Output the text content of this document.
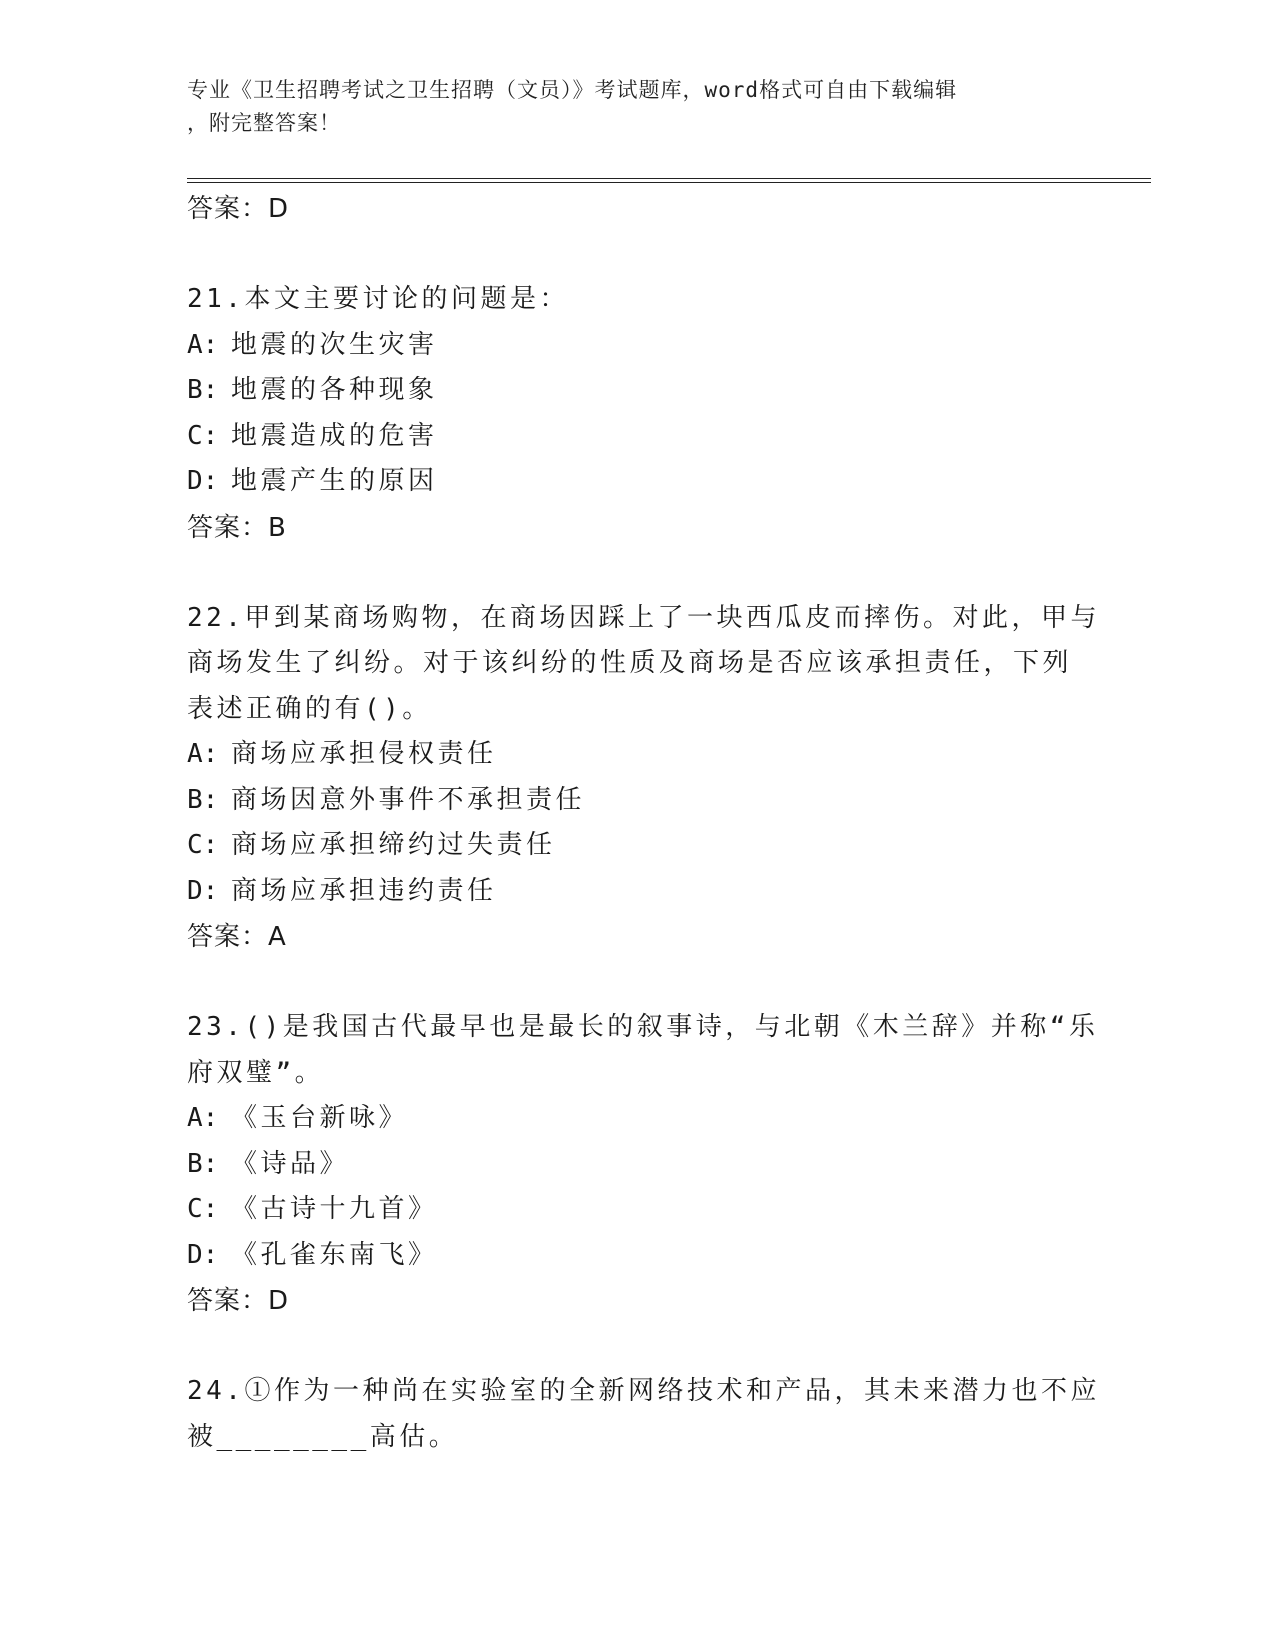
专业《卫生招聘考试之卫生招聘（文员）》考试题库，word格式可自由下载编辑
，附完整答案！
答案：D
21.本文主要讨论的问题是：
A: 地震的次生灾害
B: 地震的各种现象
C: 地震造成的危害
D: 地震产生的原因
答案：B
22.甲到某商场购物，在商场因踩上了一块西瓜皮而摔伤。对此，甲与
商场发生了纠纷。对于该纠纷的性质及商场是否应该承担责任，下列
表述正确的有()。
A: 商场应承担侵权责任
B: 商场因意外事件不承担责任
C: 商场应承担缔约过失责任
D: 商场应承担违约责任
答案：A
23.()是我国古代最早也是最长的叙事诗，与北朝《木兰辞》并称“乐
府双璧”。
A: 《玉台新咏》
B: 《诗品》
C: 《古诗十九首》
D: 《孔雀东南飞》
答案：D
24.①作为一种尚在实验室的全新网络技术和产品，其未来潜力也不应
被________高估。
